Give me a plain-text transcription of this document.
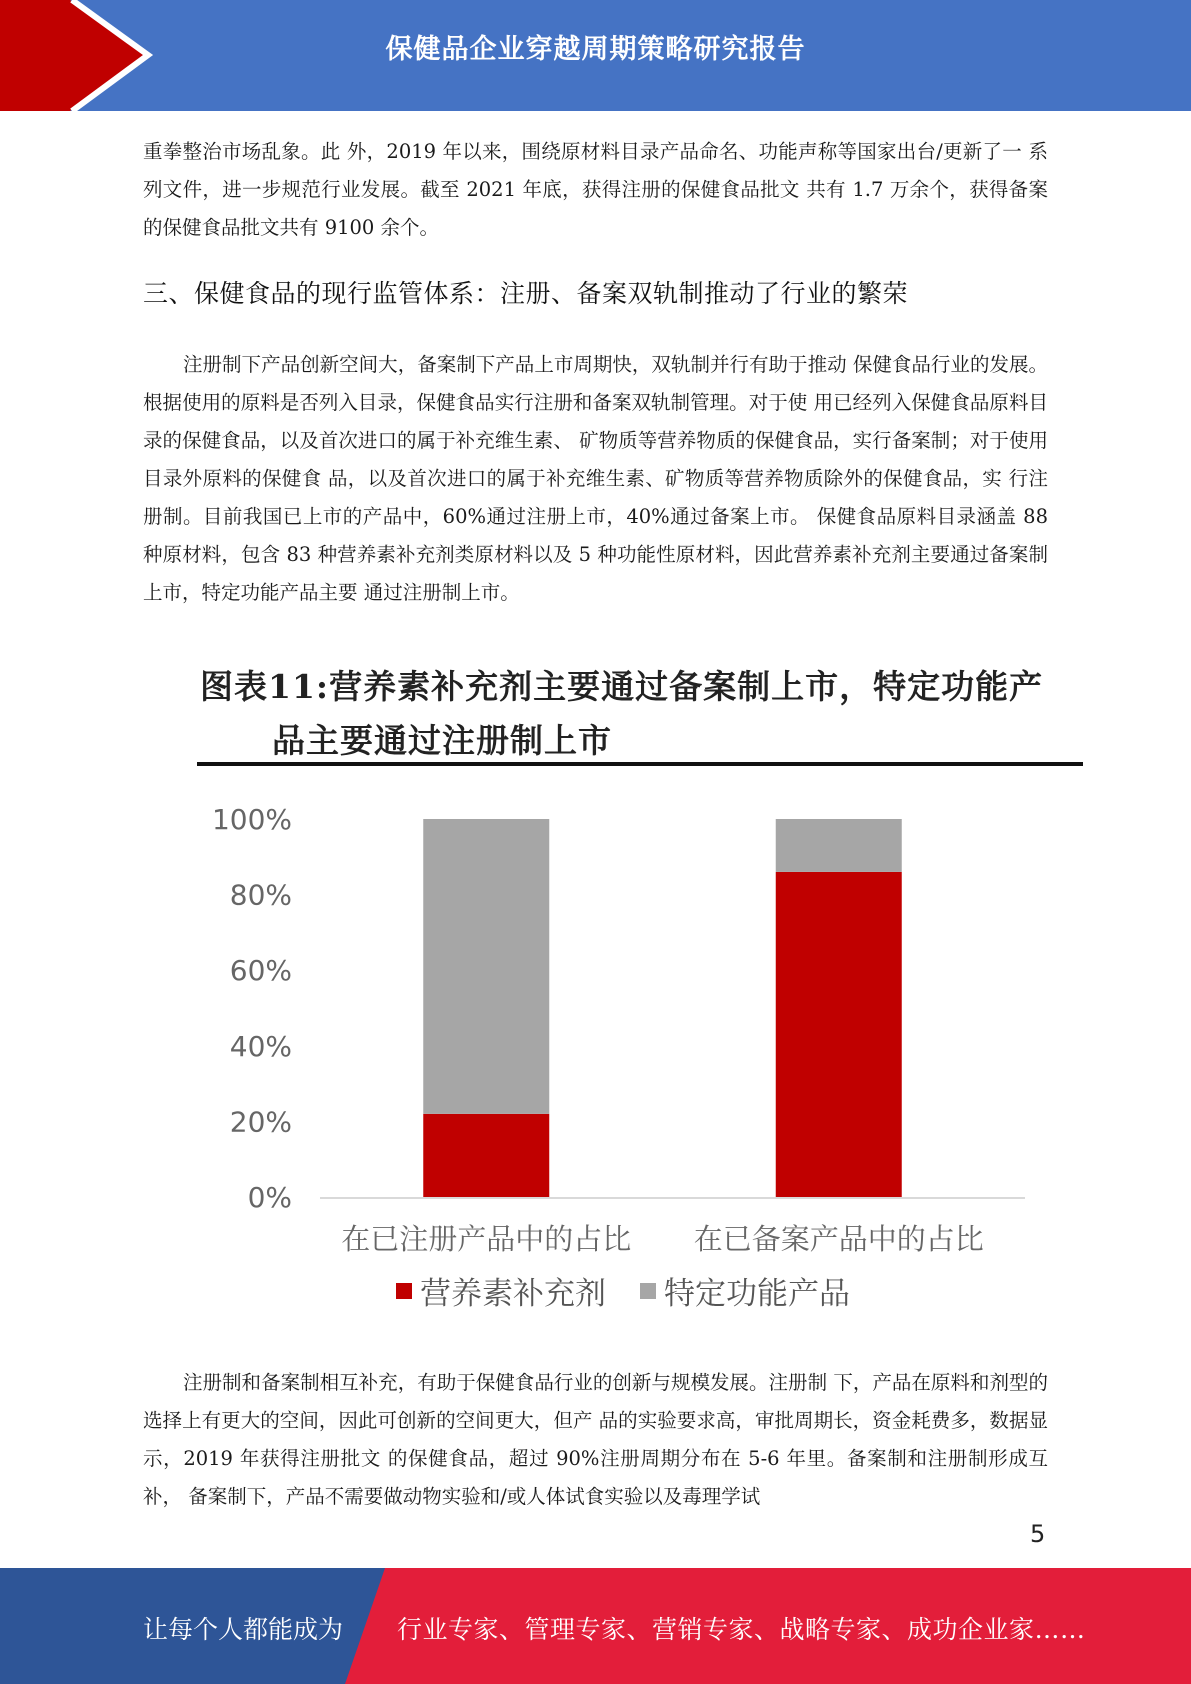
保健品企业穿越周期策略研究报告

重拳整治市场乱象。此 外，2019 年以来，围绕原材料目录产品命名、功能声称等国家出台/更新了一 系列文件，进一步规范行业发展。截至 2021 年底，获得注册的保健食品批文 共有 1.7 万余个，获得备案的保健食品批文共有 9100 余个。

三、保健食品的现行监管体系：注册、备案双轨制推动了行业的繁荣

注册制下产品创新空间大，备案制下产品上市周期快，双轨制并行有助于推动 保健食品行业的发展。 根据使用的原料是否列入目录，保健食品实行注册和备案双轨制管理。对于使 用已经列入保健食品原料目录的保健食品，以及首次进口的属于补充维生素、 矿物质等营养物质的保健食品，实行备案制；对于使用目录外原料的保健食 品，以及首次进口的属于补充维生素、矿物质等营养物质除外的保健食品，实 行注册制。目前我国已上市的产品中，60%通过注册上市，40%通过备案上市。 保健食品原料目录涵盖 88 种原材料，包含 83 种营养素补充剂类原材料以及 5 种功能性原材料，因此营养素补充剂主要通过备案制上市，特定功能产品主要 通过注册制上市。

图表11:营养素补充剂主要通过备案制上市，特定功能产
品主要通过注册制上市
0%
20%
40%
60%
80%
100%
在已注册产品中的占比 在已备案产品中的占比
营养素补充剂 特定功能产品

注册制和备案制相互补充，有助于保健食品行业的创新与规模发展。注册制 下，产品在原料和剂型的选择上有更大的空间，因此可创新的空间更大，但产 品的实验要求高，审批周期长，资金耗费多，数据显示，2019 年获得注册批文 的保健食品，超过 90%注册周期分布在 5-6 年里。备案制和注册制形成互补， 备案制下，产品不需要做动物实验和/或人体试食实验以及毒理学试

5
让每个人都能成为 行业专家、管理专家、营销专家、战略专家、成功企业家……
